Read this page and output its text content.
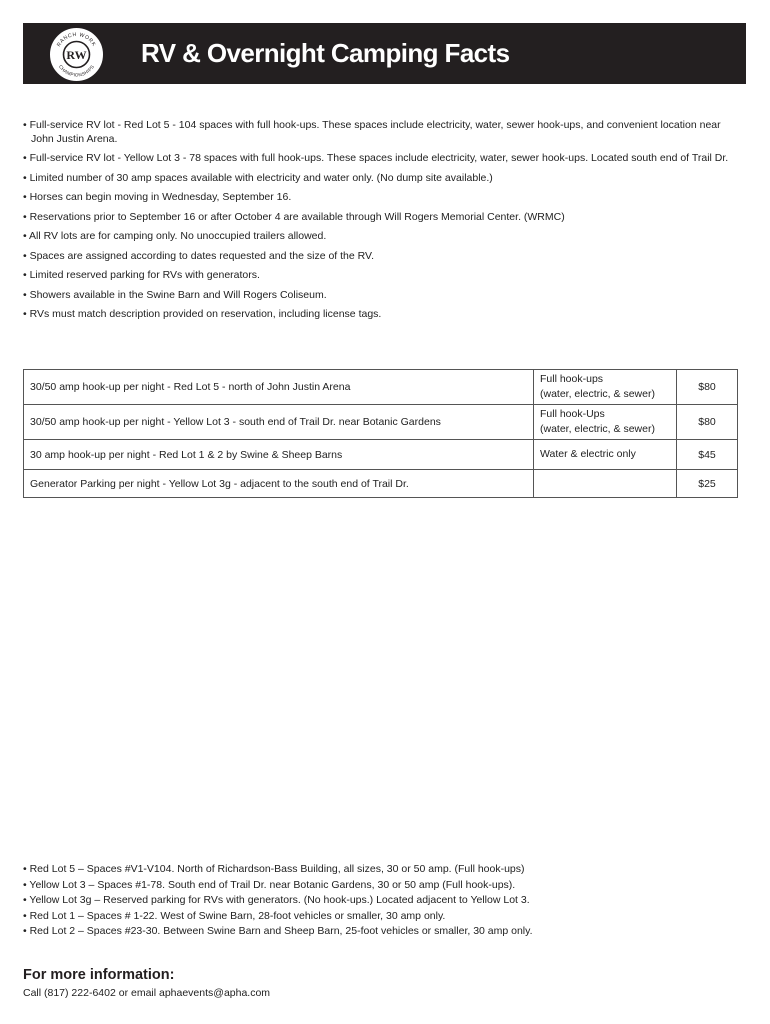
RANCH WORK
CHAMPIONSHIPS
RW RV & Overnight Camping Facts
• Full-service RV lot - Red Lot 5 - 104 spaces with full hook-ups. These spaces include electricity, water, sewer hook-ups, and convenient location near John Justin Arena.
• Full-service RV lot - Yellow Lot 3 - 78 spaces with full hook-ups. These spaces include electricity, water, sewer hook-ups. Located south end of Trail Dr.
• Limited number of 30 amp spaces available with electricity and water only. (No dump site available.)
• Horses can begin moving in Wednesday, September 16.
• Reservations prior to September 16 or after October 4 are available through Will Rogers Memorial Center. (WRMC)
• All RV lots are for camping only. No unoccupied trailers allowed.
• Spaces are assigned according to dates requested and the size of the RV.
• Limited reserved parking for RVs with generators.
• Showers available in the Swine Barn and Will Rogers Coliseum.
• RVs must match description provided on reservation, including license tags.
30/50 amp hook-up per night - Red Lot 5 - north of John Justin Arena	Full hook-ups
(water, electric, & sewer)	$80
30/50 amp hook-up per night - Yellow Lot 3 - south end of Trail Dr. near Botanic Gardens	Full hook-Ups
(water, electric, & sewer)	$80
30 amp hook-up per night - Red Lot 1 & 2 by Swine & Sheep Barns	Water & electric only	$45
Generator Parking per night - Yellow Lot 3g - adjacent to the south end of Trail Dr.		$25
• Red Lot 5 – Spaces #V1-V104. North of Richardson-Bass Building, all sizes, 30 or 50 amp. (Full hook-ups)
• Yellow Lot 3 – Spaces #1-78. South end of Trail Dr. near Botanic Gardens, 30 or 50 amp (Full hook-ups).
• Yellow Lot 3g – Reserved parking for RVs with generators. (No hook-ups.) Located adjacent to Yellow Lot 3.
• Red Lot 1 – Spaces # 1-22. West of Swine Barn, 28-foot vehicles or smaller, 30 amp only.
• Red Lot 2 – Spaces #23-30. Between Swine Barn and Sheep Barn, 25-foot vehicles or smaller, 30 amp only.
For more information:
Call (817) 222-6402 or email aphaevents@apha.com
